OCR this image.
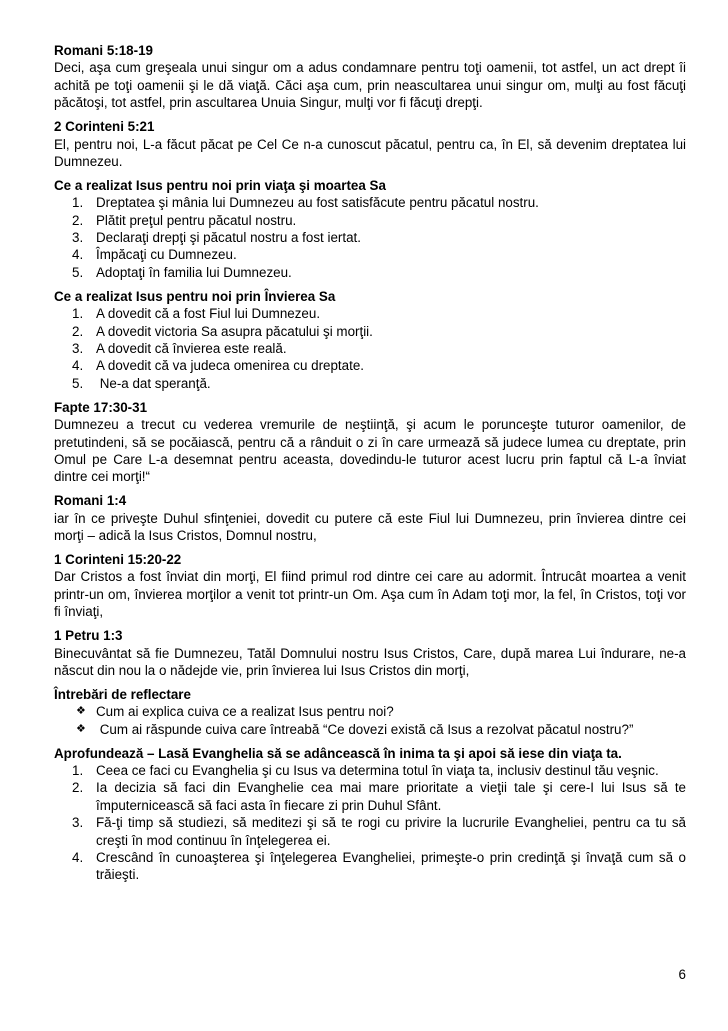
Romani 5:18-19

Deci, aşa cum greşeala unui singur om a adus condamnare pentru toţi oamenii, tot astfel, un act drept îi achită pe toţi oamenii şi le dă viaţă. Căci aşa cum, prin neascultarea unui singur om, mulţi au fost făcuţi păcătoşi, tot astfel, prin ascultarea Unuia Singur, mulţi vor fi făcuţi drepţi.

2 Corinteni 5:21

El, pentru noi, L-a făcut păcat pe Cel Ce n-a cunoscut păcatul, pentru ca, în El, să devenim dreptatea lui Dumnezeu.

Ce a realizat Isus pentru noi prin viaţa şi moartea Sa
1. Dreptatea şi mânia lui Dumnezeu au fost satisfăcute pentru păcatul nostru.
2. Plătit preţul pentru păcatul nostru.
3. Declaraţi drepţi şi păcatul nostru a fost iertat.
4. Împăcaţi cu Dumnezeu.
5. Adoptaţi în familia lui Dumnezeu.
Ce a realizat Isus pentru noi prin Învierea Sa
1. A dovedit că a fost Fiul lui Dumnezeu.
2. A dovedit victoria Sa asupra păcatului şi morţii.
3. A dovedit că învierea este reală.
4. A dovedit că va judeca omenirea cu dreptate.
5. Ne-a dat speranţă.
Fapte 17:30-31

Dumnezeu a trecut cu vederea vremurile de neştiinţă, şi acum le porunceşte tuturor oamenilor, de pretutindeni, să se pocăiască, pentru că a rânduit o zi în care urmează să judece lumea cu dreptate, prin Omul pe Care L-a desemnat pentru aceasta, dovedindu-le tuturor acest lucru prin faptul că L-a înviat dintre cei morţi!“

Romani 1:4

iar în ce priveşte Duhul sfinţeniei, dovedit cu putere că este Fiul lui Dumnezeu, prin învierea dintre cei morţi – adică la Isus Cristos, Domnul nostru,

1 Corinteni 15:20-22

Dar Cristos a fost înviat din morţi, El fiind primul rod dintre cei care au adormit. Întrucât moartea a venit printr-un om, învierea morţilor a venit tot printr-un Om. Aşa cum în Adam toţi mor, la fel, în Cristos, toţi vor fi înviaţi,

1 Petru 1:3

Binecuvântat să fie Dumnezeu, Tatăl Domnului nostru Isus Cristos, Care, după marea Lui îndurare, ne-a născut din nou la o nădejde vie, prin învierea lui Isus Cristos din morţi,

Întrebări de reflectare
❖ Cum ai explica cuiva ce a realizat Isus pentru noi?
❖ Cum ai răspunde cuiva care întreabă “Ce dovezi există că Isus a rezolvat păcatul nostru?”
Aprofundează – Lasă Evanghelia să se adâncească în inima ta şi apoi să iese din viaţa ta.
1. Ceea ce faci cu Evanghelia şi cu Isus va determina totul în viaţa ta, inclusiv destinul tău veşnic.
2. Ia decizia să faci din Evanghelie cea mai mare prioritate a vieţii tale şi cere-I lui Isus să te împuternicească să faci asta în fiecare zi prin Duhul Sfânt.
3. Fă-ţi timp să studiezi, să meditezi şi să te rogi cu privire la lucrurile Evangheliei, pentru ca tu să creşti în mod continuu în înţelegerea ei.
4. Crescând în cunoaşterea şi înţelegerea Evangheliei, primeşte-o prin credinţă şi învaţă cum să o trăieşti.
6
